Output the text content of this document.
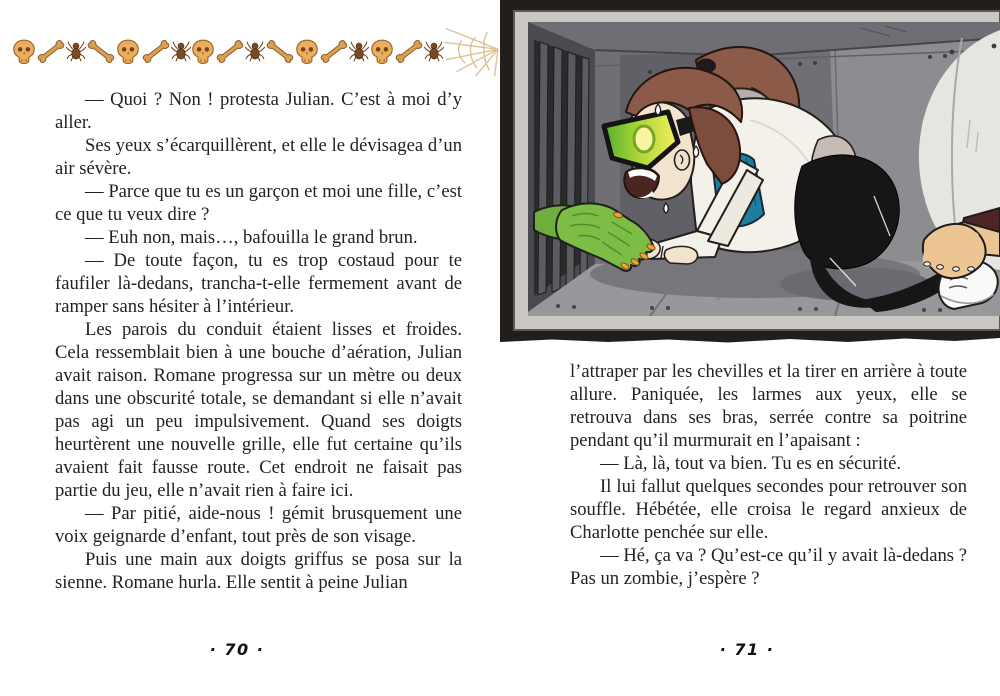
— Quoi ? Non ! protesta Julian. C’est à moi d’y aller.

Ses yeux s’écarquillèrent, et elle le dévisagea d’un air sévère.

— Parce que tu es un garçon et moi une fille, c’est ce que tu veux dire ?

— Euh non, mais…, bafouilla le grand brun.

— De toute façon, tu es trop costaud pour te faufiler là-dedans, trancha-t-elle fermement avant de ramper sans hésiter à l’intérieur.

Les parois du conduit étaient lisses et froides. Cela ressemblait bien à une bouche d’aération, Julian avait raison. Romane progressa sur un mètre ou deux dans une obscurité totale, se demandant si elle n’avait pas agi un peu impulsivement. Quand ses doigts heurtèrent une nouvelle grille, elle fut certaine qu’ils avaient fait fausse route. Cet endroit ne faisait pas partie du jeu, elle n’avait rien à faire ici.

— Par pitié, aide-nous ! gémit brusquement une voix geignarde d’enfant, tout près de son visage.

Puis une main aux doigts griffus se posa sur la sienne. Romane hurla. Elle sentit à peine Julian

· 70 ·

l’attraper par les chevilles et la tirer en arrière à toute allure. Paniquée, les larmes aux yeux, elle se retrouva dans ses bras, serrée contre sa poitrine pendant qu’il murmurait en l’apaisant :

— Là, là, tout va bien. Tu es en sécurité.

Il lui fallut quelques secondes pour retrouver son souffle. Hébétée, elle croisa le regard anxieux de Charlotte penchée sur elle.

— Hé, ça va ? Qu’est-ce qu’il y avait là-dedans ? Pas un zombie, j’espère ?

· 71 ·
